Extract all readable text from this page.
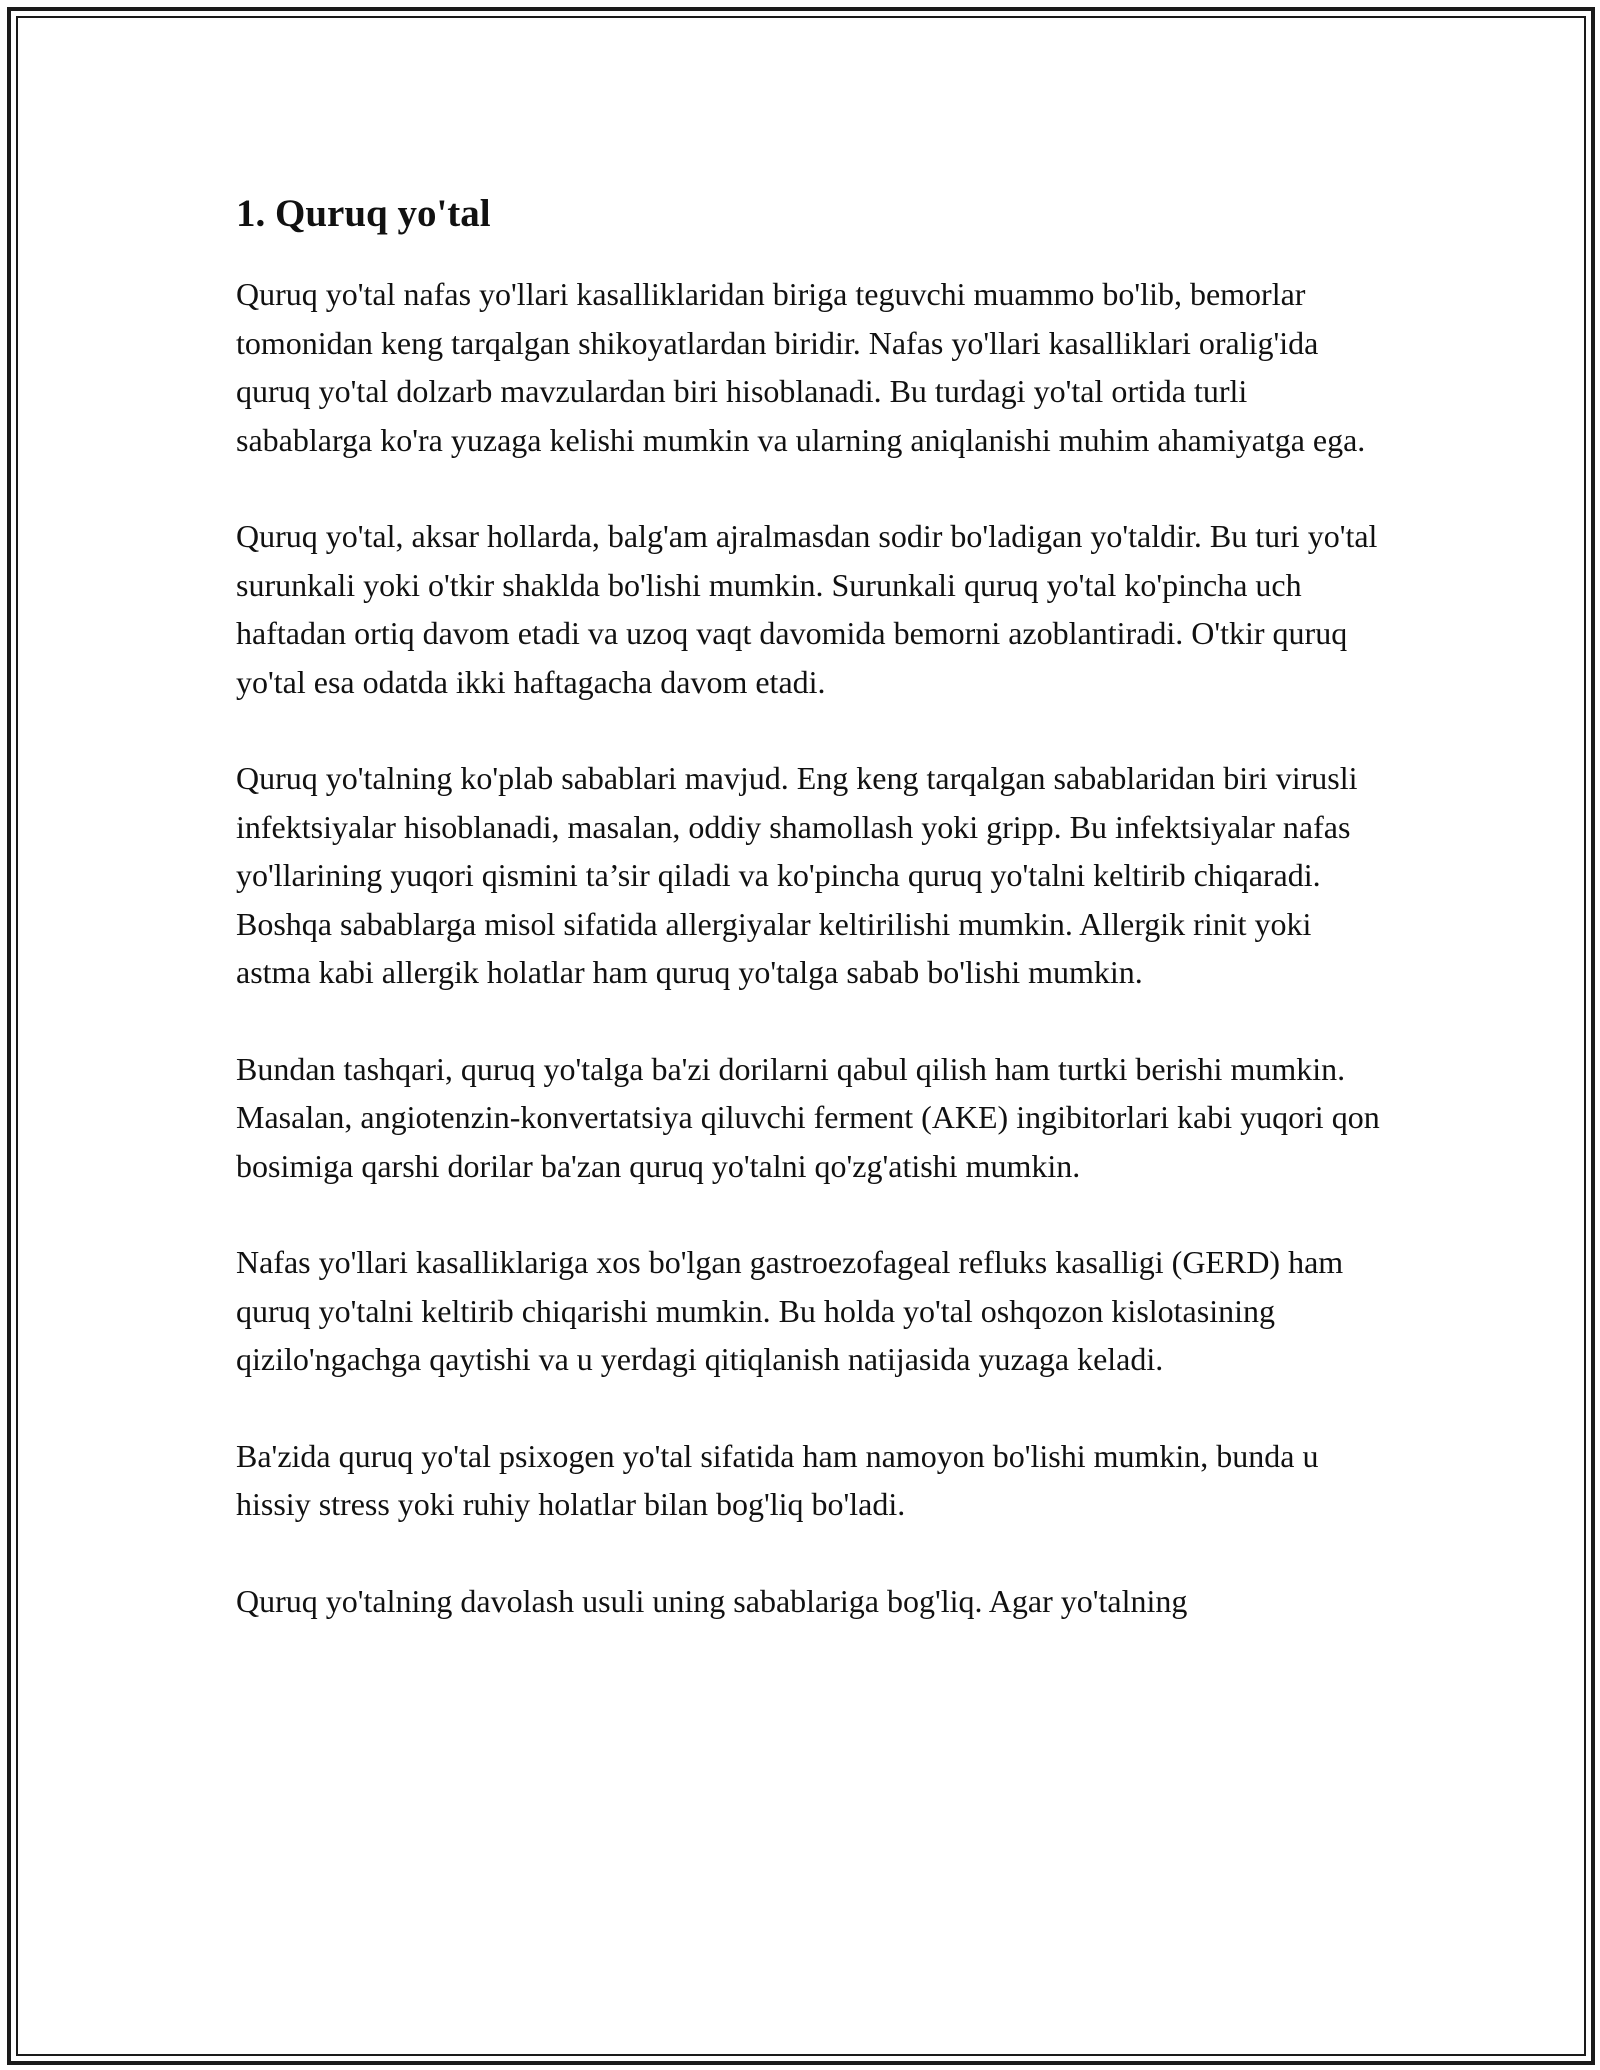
1. Quruq yo'tal

Quruq yo'tal nafas yo'llari kasalliklaridan biriga teguvchi muammo bo'lib, bemorlar tomonidan keng tarqalgan shikoyatlardan biridir. Nafas yo'llari kasalliklari oralig'ida quruq yo'tal dolzarb mavzulardan biri hisoblanadi. Bu turdagi yo'tal ortida turli sabablarga ko'ra yuzaga kelishi mumkin va ularning aniqlanishi muhim ahamiyatga ega.

Quruq yo'tal, aksar hollarda, balg'am ajralmasdan sodir bo'ladigan yo'taldir. Bu turi yo'tal surunkali yoki o'tkir shaklda bo'lishi mumkin. Surunkali quruq yo'tal ko'pincha uch haftadan ortiq davom etadi va uzoq vaqt davomida bemorni azoblantiradi. O'tkir quruq yo'tal esa odatda ikki haftagacha davom etadi.

Quruq yo'talning ko'plab sabablari mavjud. Eng keng tarqalgan sabablaridan biri virusli infektsiyalar hisoblanadi, masalan, oddiy shamollash yoki gripp. Bu infektsiyalar nafas yo'llarining yuqori qismini ta’sir qiladi va ko'pincha quruq yo'talni keltirib chiqaradi. Boshqa sabablarga misol sifatida allergiyalar keltirilishi mumkin. Allergik rinit yoki astma kabi allergik holatlar ham quruq yo'talga sabab bo'lishi mumkin.

Bundan tashqari, quruq yo'talga ba'zi dorilarni qabul qilish ham turtki berishi mumkin. Masalan, angiotenzin-konvertatsiya qiluvchi ferment (AKE) ingibitorlari kabi yuqori qon bosimiga qarshi dorilar ba'zan quruq yo'talni qo'zg'atishi mumkin.

Nafas yo'llari kasalliklariga xos bo'lgan gastroezofageal refluks kasalligi (GERD) ham quruq yo'talni keltirib chiqarishi mumkin. Bu holda yo'tal oshqozon kislotasining qizilo'ngachga qaytishi va u yerdagi qitiqlanish natijasida yuzaga keladi.

Ba'zida quruq yo'tal psixogen yo'tal sifatida ham namoyon bo'lishi mumkin, bunda u hissiy stress yoki ruhiy holatlar bilan bog'liq bo'ladi.

Quruq yo'talning davolash usuli uning sabablariga bog'liq. Agar yo'talning
